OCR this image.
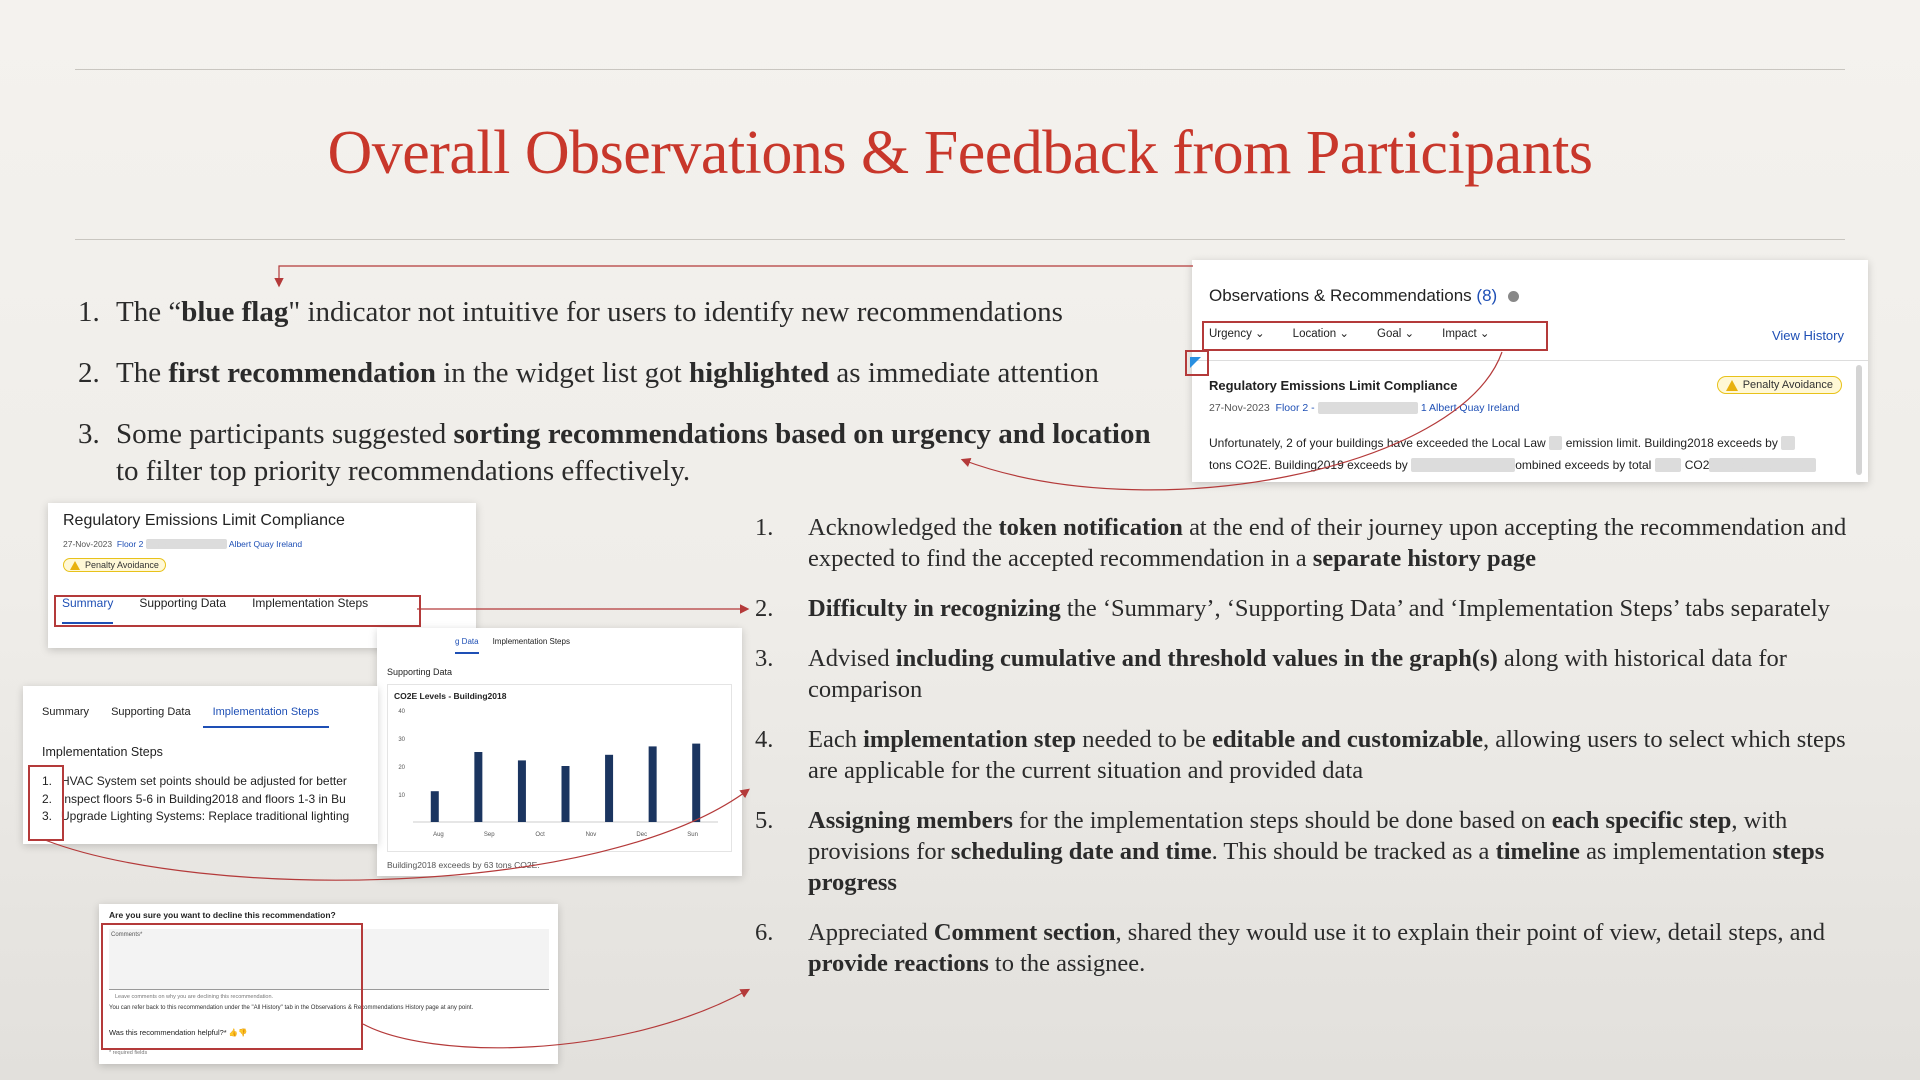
Overall Observations & Feedback from Participants
1. The “blue flag" indicator not intuitive for users to identify new recommendations
2. The first recommendation in the widget list got highlighted as immediate attention
3. Some participants suggested sorting recommendations based on urgency and location to filter top priority recommendations effectively.
1. Acknowledged the token notification at the end of their journey upon accepting the recommendation and expected to find the accepted recommendation in a separate history page
2. Difficulty in recognizing the ‘Summary’, ‘Supporting Data’ and ‘Implementation Steps’ tabs separately
3. Advised including cumulative and threshold values in the graph(s) along with historical data for comparison
4. Each implementation step needed to be editable and customizable, allowing users to select which steps are applicable for the current situation and provided data
5. Assigning members for the implementation steps should be done based on each specific step, with provisions for scheduling date and time. This should be tracked as a timeline as implementation steps progress
6. Appreciated Comment section, shared they would use it to explain their point of view, detail steps, and provide reactions to the assignee.
Observations & Recommendations (8)
Urgency ⌄ Location ⌄ Goal ⌄ Impact ⌄	View History
Regulatory Emissions Limit Compliance
27-Nov-2023 Floor 2 - Johnson Controls HQ 1 Albert Quay Ireland
Penalty Avoidance
Unfortunately, 2 of your buildings have exceeded the Local Law 97 emission limit. Building2018 exceeds by 63
tons CO2E. Building2019 exceeds by 1623 tons CO2E. Combined exceeds by total 1686 CO2E. $451,328 is the...
Regulatory Emissions Limit Compliance
27-Nov-2023 Floor 2 Johnson Controls HQ Albert Quay Ireland
Penalty Avoidance
Summary Supporting Data Implementation Steps
g Data Implementation Steps
Supporting Data
CO2E Levels - Building2018
10
20
30
40
Aug	Sep	Oct	Nov	Dec	Sun
Building2018 exceeds by 63 tons CO2E.
Summary Supporting Data	Implementation Steps
Implementation Steps
1. HVAC System set points should be adjusted for better
2. Inspect floors 5-6 in Building2018 and floors 1-3 in Bu
3. Upgrade Lighting Systems: Replace traditional lighting
Are you sure you want to decline this recommendation?
Comments*
Leave comments on why you are declining this recommendation.
You can refer back to this recommendation under the "All History" tab in the Observations & Recommendations History page at any point.
Was this recommendation helpful?* 👍👎
* required fields
